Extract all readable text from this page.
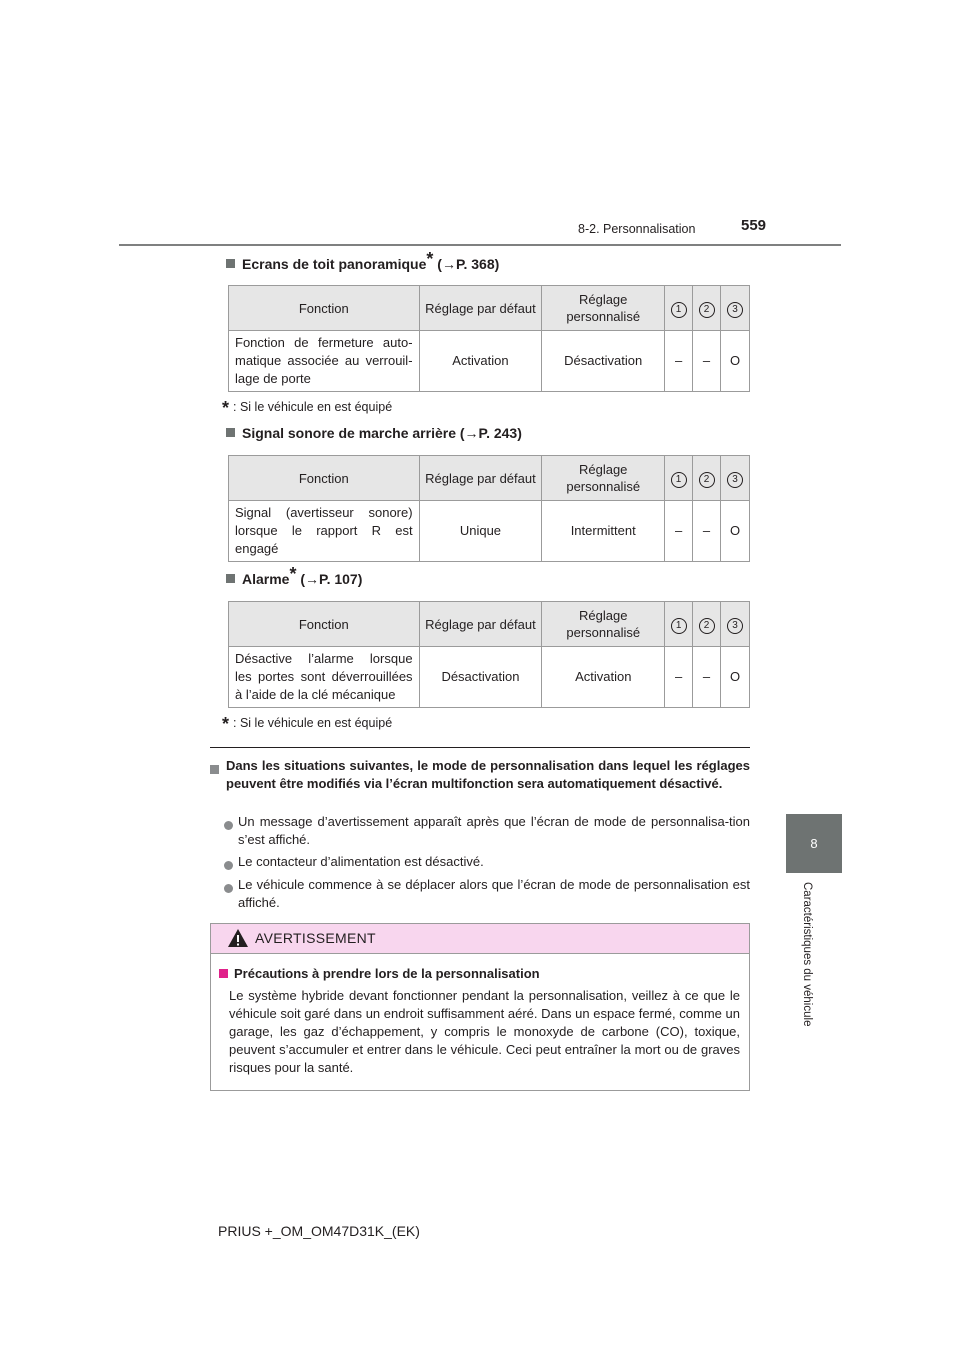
8-2. Personnalisation	559
8
Caractéristiques du véhicule
Ecrans de toit panoramique* (→P. 368)
Fonction	Réglage par défaut	Réglage personnalisé	1	2	3

Fonction de fermeture auto-
matique associée au verrouil-
lage de porte	Activation	Désactivation	–	–	O
* : Si le véhicule en est équipé
Signal sonore de marche arrière (→P. 243)
Fonction	Réglage par défaut	Réglage personnalisé	1	2	3

Signal (avertisseur sonore)
lorsque le rapport R est
engagé	Unique	Intermittent	–	–	O
Alarme* (→P. 107)
Fonction	Réglage par défaut	Réglage personnalisé	1	2	3

Désactive l’alarme lorsque
les portes sont déverrouillées
à l’aide de la clé mécanique	Désactivation	Activation	–	–	O
* : Si le véhicule en est équipé
Dans les situations suivantes, le mode de personnalisation dans lequel les réglages peuvent être modifiés via l’écran multifonction sera automatiquement désactivé.
Un message d’avertissement apparaît après que l’écran de mode de personnalisa-tion s’est affiché.
Le contacteur d’alimentation est désactivé.
Le véhicule commence à se déplacer alors que l’écran de mode de personnalisation est affiché.
AVERTISSEMENT
Précautions à prendre lors de la personnalisation
Le système hybride devant fonctionner pendant la personnalisation, veillez à ce que le véhicule soit garé dans un endroit suffisamment aéré. Dans un espace fermé, comme un garage, les gaz d’échappement, y compris le monoxyde de carbone (CO), toxique, peuvent s’accumuler et entrer dans le véhicule. Ceci peut entraîner la mort ou de graves risques pour la santé.
PRIUS +_OM_OM47D31K_(EK)
